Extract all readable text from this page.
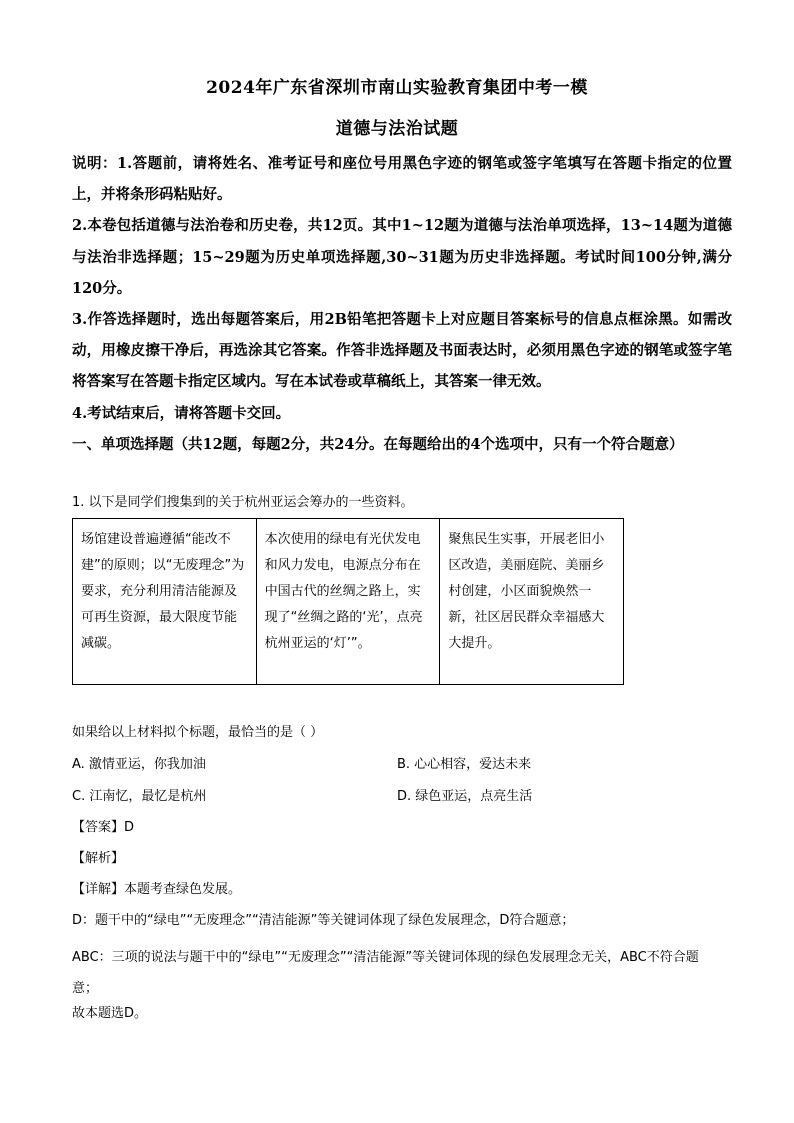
2024年广东省深圳市南山实验教育集团中考一模
道德与法治试题

说明：1.答题前，请将姓名、准考证号和座位号用黑色字迹的钢笔或签字笔填写在答题卡指定的位置上，并将条形码粘贴好。

2.本卷包括道德与法治卷和历史卷，共12页。其中1~12题为道德与法治单项选择，13~14题为道德与法治非选择题；15~29题为历史单项选择题,30~31题为历史非选择题。考试时间100分钟,满分120分。

3.作答选择题时，选出每题答案后，用2B铅笔把答题卡上对应题目答案标号的信息点框涂黑。如需改动，用橡皮擦干净后，再选涂其它答案。作答非选择题及书面表达时，必须用黑色字迹的钢笔或签字笔将答案写在答题卡指定区域内。写在本试卷或草稿纸上，其答案一律无效。

4.考试结束后，请将答题卡交回。

一、单项选择题（共12题，每题2分，共24分。在每题给出的4个选项中，只有一个符合题意）

1. 以下是同学们搜集到的关于杭州亚运会筹办的一些资料。
场馆建设普遍遵循“能改不建”的原则；以“无废理念”为要求，充分利用清洁能源及可再生资源，最大限度节能减碳。	本次使用的绿电有光伏发电和风力发电，电源点分布在中国古代的丝绸之路上，实现了“丝绸之路的‘光’，点亮杭州亚运的‘灯’”。	聚焦民生实事，开展老旧小区改造，美丽庭院、美丽乡村创建，小区面貌焕然一新，社区居民群众幸福感大大提升。
如果给以上材料拟个标题，最恰当的是（ ）
A. 激情亚运，你我加油	B. 心心相容，爱达未来
C. 江南忆，最忆是杭州	D. 绿色亚运，点亮生活
【答案】D
【解析】
【详解】本题考查绿色发展。
D：题干中的“绿电”“无废理念”“清洁能源”等关键词体现了绿色发展理念，D符合题意；
ABC：三项的说法与题干中的“绿电”“无废理念”“清洁能源”等关键词体现的绿色发展理念无关，ABC不符合题意；
故本题选D。
